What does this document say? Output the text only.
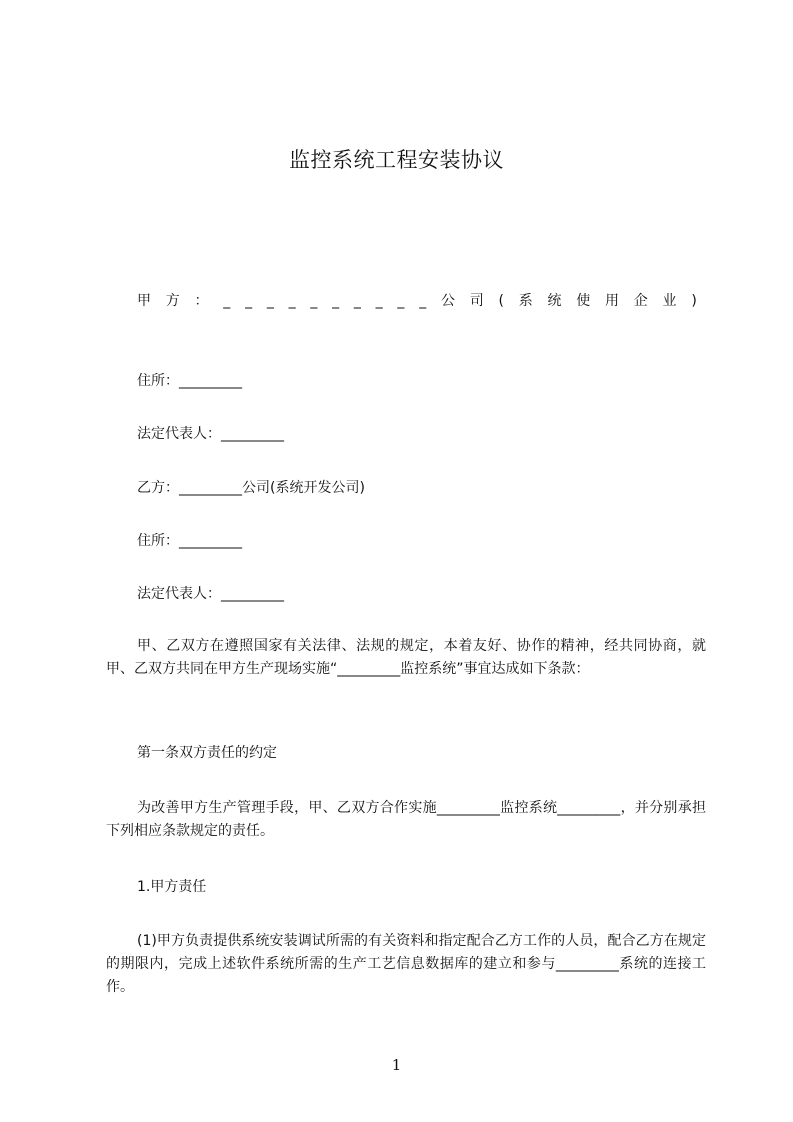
监控系统工程安装协议
甲 方 ： _ _ _ _ _ _ _ _ _ _ 公 司 ( 系 统 使 用 企 业 )
住所：_________
法定代表人：_________
乙方：_________公司(系统开发公司)
住所：_________
法定代表人：_________
甲、乙双方在遵照国家有关法律、法规的规定，本着友好、协作的精神，经共同协商，就甲、乙双方共同在甲方生产现场实施“_________监控系统”事宜达成如下条款：
第一条双方责任的约定
为改善甲方生产管理手段，甲、乙双方合作实施_________监控系统_________，并分别承担下列相应条款规定的责任。
1.甲方责任
(1)甲方负责提供系统安装调试所需的有关资料和指定配合乙方工作的人员，配合乙方在规定的期限内，完成上述软件系统所需的生产工艺信息数据库的建立和参与_________系统的连接工作。
1
